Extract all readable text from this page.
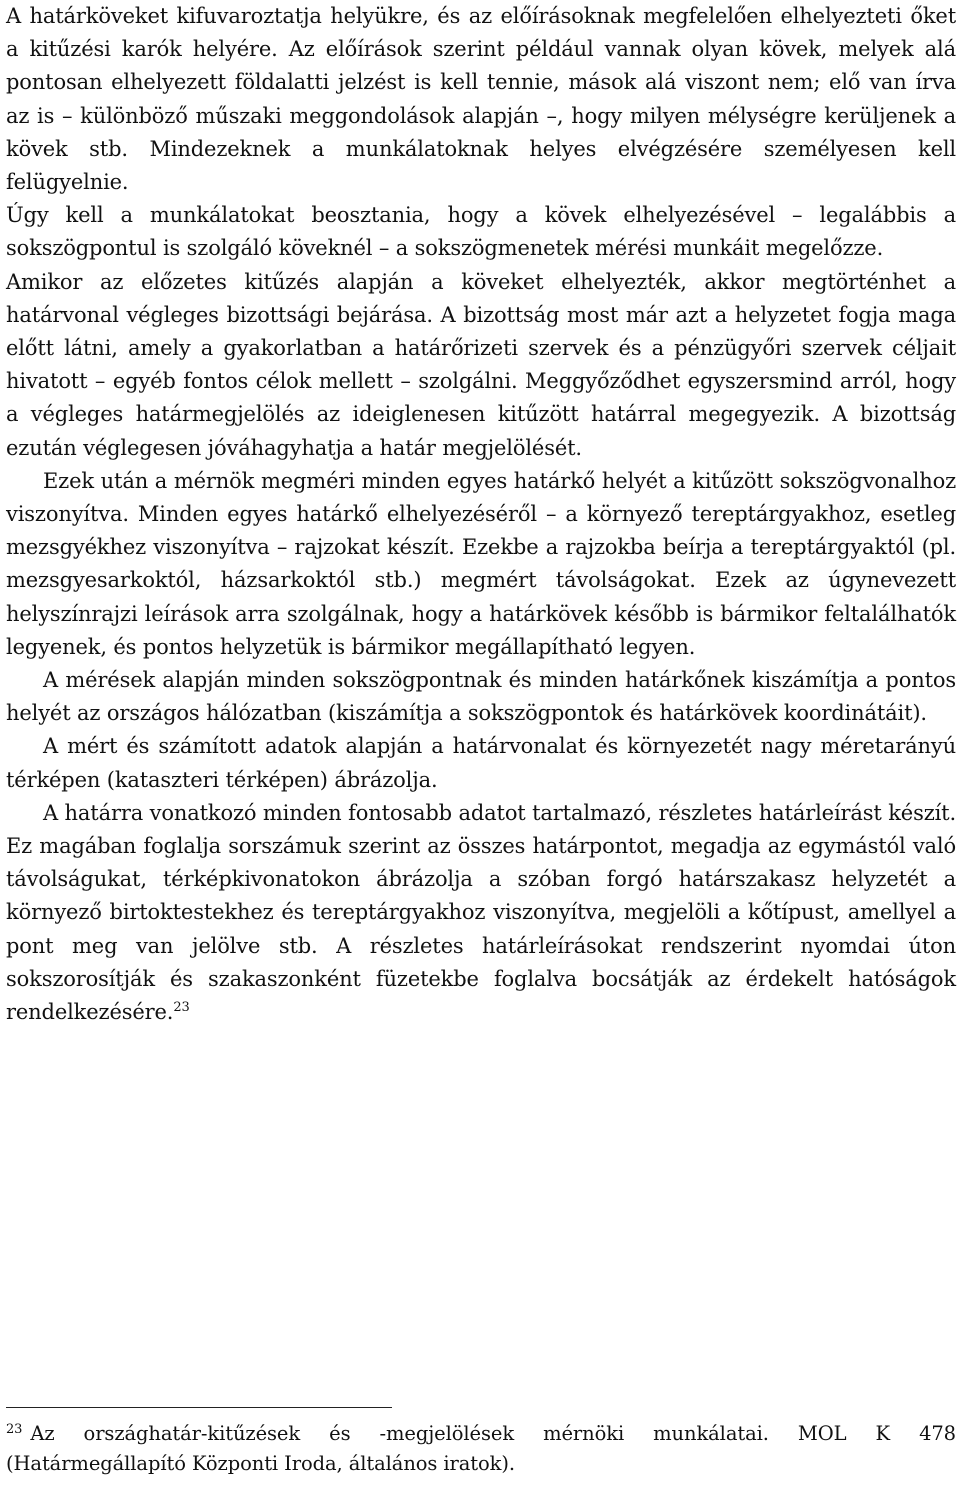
A határköveket kifuvaroztatja helyükre, és az előírásoknak megfelelően elhelyezteti őket a kitűzési karók helyére. Az előírások szerint például vannak olyan kövek, melyek alá pontosan elhelyezett földalatti jelzést is kell tennie, mások alá viszont nem; elő van írva az is – különböző műszaki meggondolások alapján –, hogy milyen mélységre kerüljenek a kövek stb. Mindezeknek a munkálatoknak helyes elvégzésére személyesen kell felügyelnie.

Úgy kell a munkálatokat beosztania, hogy a kövek elhelyezésével – legalábbis a sokszögpontul is szolgáló köveknél – a sokszögmenetek mérési munkáit megelőzze.

Amikor az előzetes kitűzés alapján a köveket elhelyezték, akkor megtörténhet a határvonal végleges bizottsági bejárása. A bizottság most már azt a helyzetet fogja maga előtt látni, amely a gyakorlatban a határőrizeti szervek és a pénzügyőri szervek céljait hivatott – egyéb fontos célok mellett – szolgálni. Meggyőződhet egyszersmind arról, hogy a végleges határmegjelölés az ideiglenesen kitűzött határral megegyezik. A bizottság ezután véglegesen jóváhagyhatja a határ megjelölését.

Ezek után a mérnök megméri minden egyes határkő helyét a kitűzött sokszögvonalhoz viszonyítva. Minden egyes határkő elhelyezéséről – a környező tereptárgyakhoz, esetleg mezsgyékhez viszonyítva – rajzokat készít. Ezekbe a rajzokba beírja a tereptárgyaktól (pl. mezsgyesarkoktól, házsarkoktól stb.) megmért távolságokat. Ezek az úgynevezett helyszínrajzi leírások arra szolgálnak, hogy a határkövek később is bármikor feltalálhatók legyenek, és pontos helyzetük is bármikor megállapítható legyen.

A mérések alapján minden sokszögpontnak és minden határkőnek kiszámítja a pontos helyét az országos hálózatban (kiszámítja a sokszögpontok és határkövek koordinátáit).

A mért és számított adatok alapján a határvonalat és környezetét nagy méretarányú térképen (kataszteri térképen) ábrázolja.

A határra vonatkozó minden fontosabb adatot tartalmazó, részletes határleírást készít. Ez magában foglalja sorszámuk szerint az összes határpontot, megadja az egymástól való távolságukat, térképkivonatokon ábrázolja a szóban forgó határszakasz helyzetét a környező birtoktestekhez és tereptárgyakhoz viszonyítva, megjelöli a kőtípust, amellyel a pont meg van jelölve stb. A részletes határleírásokat rendszerint nyomdai úton sokszorosítják és szakaszonként füzetekbe foglalva bocsátják az érdekelt hatóságok rendelkezésére.$^{23}$

$^{23}$ Az országhatár-kitűzések és -megjelölések mérnöki munkálatai. MOL K 478 (Határmegállapító Központi Iroda, általános iratok).
